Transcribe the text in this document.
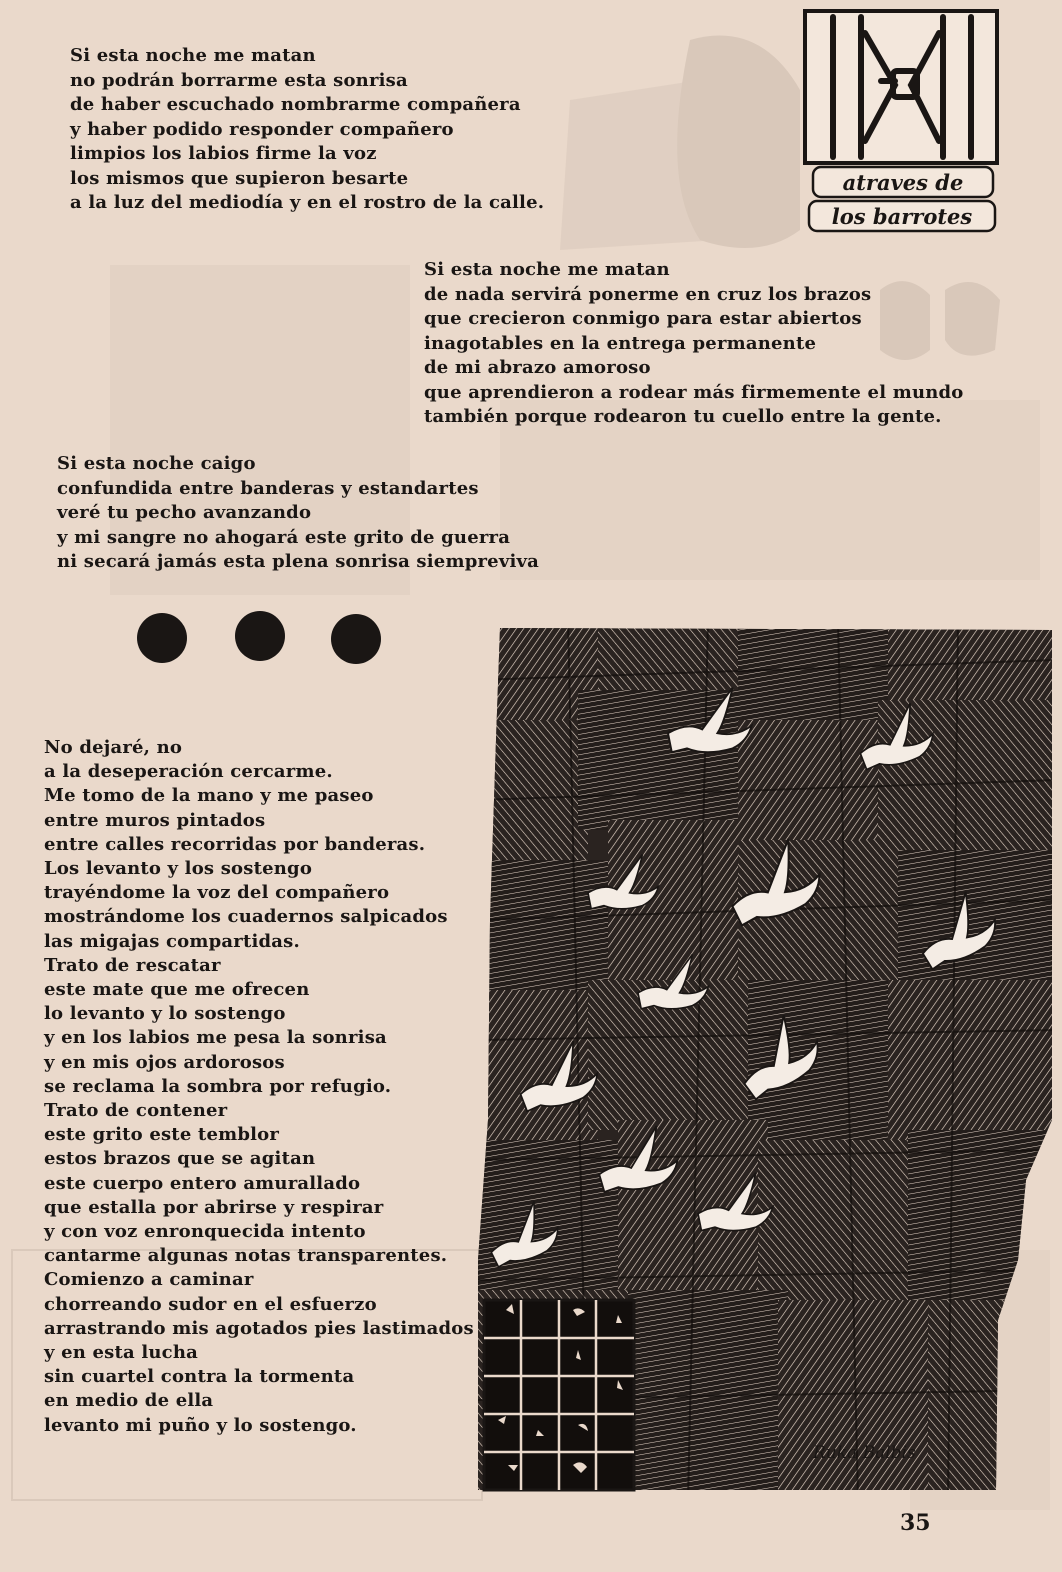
Si esta noche me matan
no podrán borrarme esta sonrisa
de haber escuchado nombrarme compañera
y haber podido responder compañero
limpios los labios firme la voz
los mismos que supieron besarte
a la luz del mediodía y en el rostro de la calle.
Si esta noche me matan
de nada servirá ponerme en cruz los brazos
que crecieron conmigo para estar abiertos
inagotables en la entrega permanente
de mi abrazo amoroso
que aprendieron a rodear más firmemente el mundo
también porque rodearon tu cuello entre la gente.
Si esta noche caigo
confundida entre banderas y estandartes
veré tu pecho avanzando
y mi sangre no ahogará este grito de guerra
ni secará jamás esta plena sonrisa siempreviva
No dejaré, no
a la deseperación cercarme.
Me tomo de la mano y me paseo
entre muros pintados
entre calles recorridas por banderas.
Los levanto y los sostengo
trayéndome la voz del compañero
mostrándome los cuadernos salpicados
las migajas compartidas.
Trato de rescatar
este mate que me ofrecen
lo levanto y lo sostengo
y en los labios me pesa la sonrisa
y en mis ojos ardorosos
se reclama la sombra por refugio.
Trato de contener
este grito este temblor
estos brazos que se agitan
este cuerpo entero amurallado
que estalla por abrirse y respirar
y con voz enronquecida intento
cantarme algunas notas transparentes.
Comienzo a caminar
chorreando sudor en el esfuerzo
arrastrando mis agotados pies lastimados
y en esta lucha
sin cuartel contra la tormenta
en medio de ella
levanto mi puño y lo sostengo.
atraves de
los barrotes
Ruka Balbis
35
